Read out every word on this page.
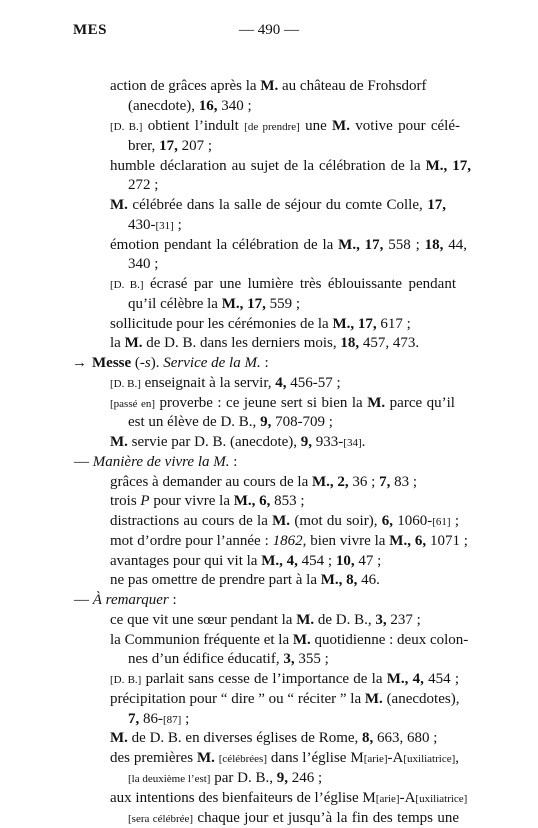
MES	— 490 —
action de grâces après la M. au château de Frohsdorf
(anecdote), 16, 340 ;
[D. B.] obtient l’indult [de prendre] une M. votive pour célé-
brer, 17, 207 ;
humble déclaration au sujet de la célébration de la M., 17,
272 ;
M. célébrée dans la salle de séjour du comte Colle, 17,
430-[31] ;
émotion pendant la célébration de la M., 17, 558 ; 18, 44,
340 ;
[D. B.] écrasé par une lumière très éblouissante pendant
qu’il célèbre la M., 17, 559 ;
sollicitude pour les cérémonies de la M., 17, 617 ;
la M. de D. B. dans les derniers mois, 18, 457, 473.
→ Messe (-s). Service de la M. :
[D. B.] enseignait à la servir, 4, 456-57 ;
[passé en] proverbe : ce jeune sert si bien la M. parce qu’il
est un élève de D. B., 9, 708-709 ;
M. servie par D. B. (anecdote), 9, 933-[34].
— Manière de vivre la M. :
grâces à demander au cours de la M., 2, 36 ; 7, 83 ;
trois P pour vivre la M., 6, 853 ;
distractions au cours de la M. (mot du soir), 6, 1060-[61] ;
mot d’ordre pour l’année : 1862, bien vivre la M., 6, 1071 ;
avantages pour qui vit la M., 4, 454 ; 10, 47 ;
ne pas omettre de prendre part à la M., 8, 46.
— À remarquer :
ce que vit une sœur pendant la M. de D. B., 3, 237 ;
la Communion fréquente et la M. quotidienne : deux colon-
nes d’un édifice éducatif, 3, 355 ;
[D. B.] parlait sans cesse de l’importance de la M., 4, 454 ;
précipitation pour “ dire ” ou “ réciter ” la M. (anecdotes),
7, 86-[87] ;
M. de D. B. en diverses églises de Rome, 8, 663, 680 ;
des premières M. [célébrées] dans l’église M[arie]-A[uxiliatrice],
[la deuxième l’est] par D. B., 9, 246 ;
aux intentions des bienfaiteurs de l’église M[arie]-A[uxiliatrice]
[sera célébrée] chaque jour et jusqu’à la fin des temps une
